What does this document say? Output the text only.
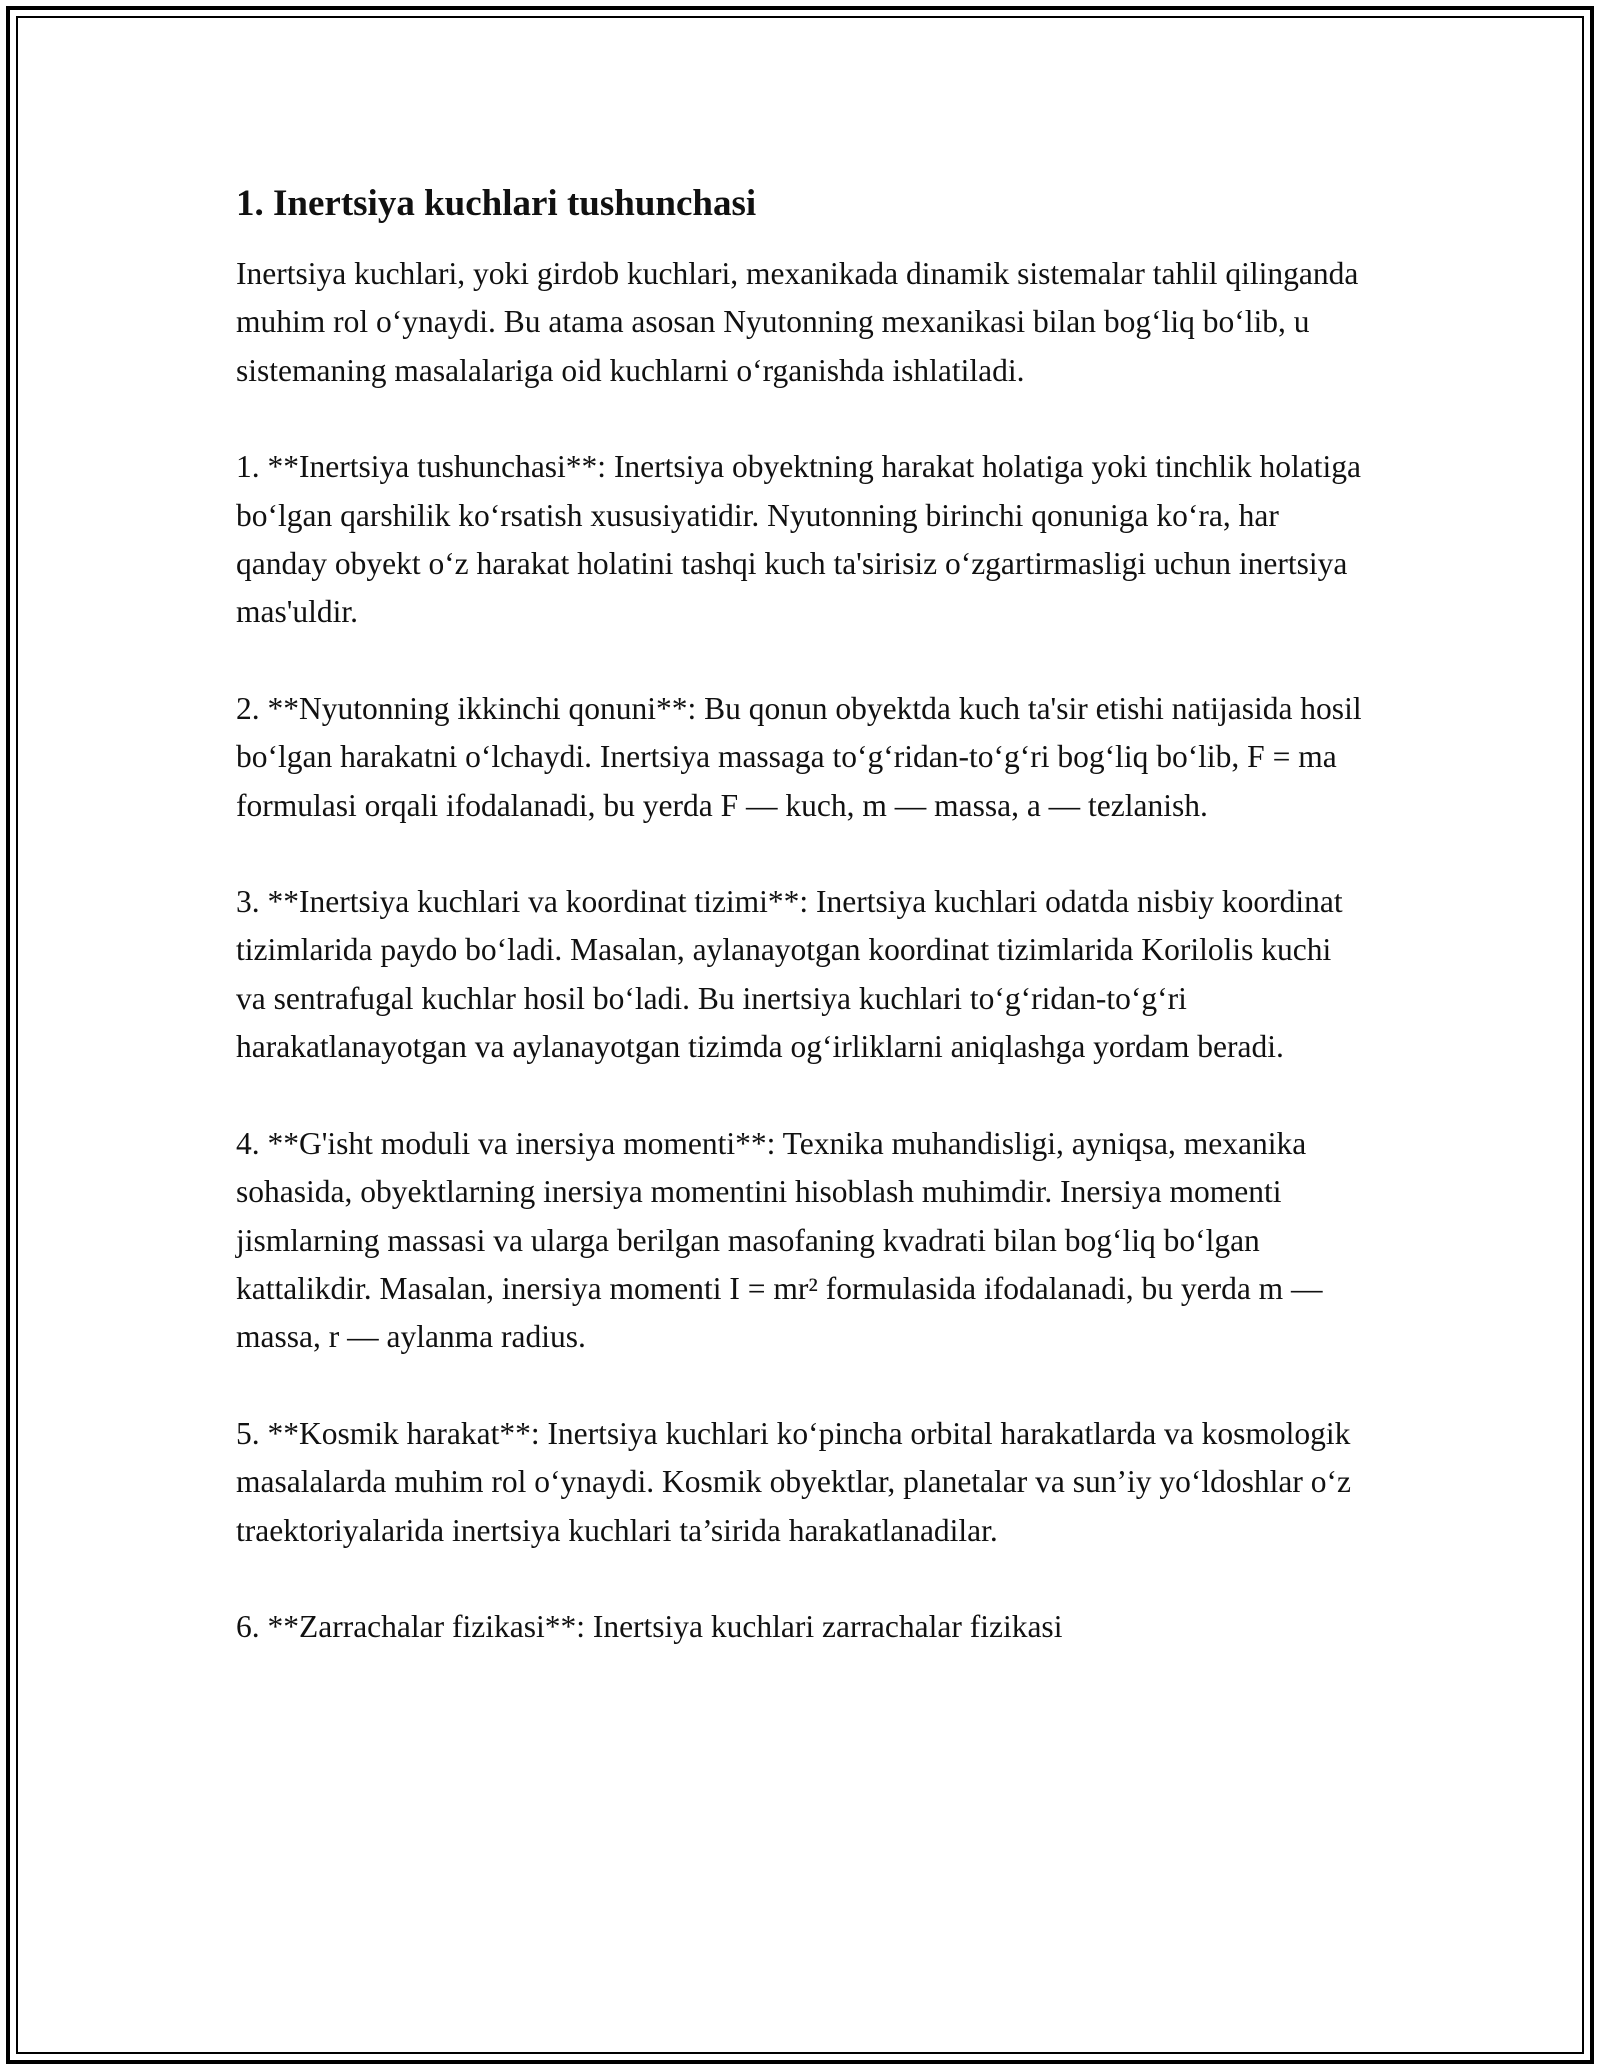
1. Inertsiya kuchlari tushunchasi

Inertsiya kuchlari, yoki girdob kuchlari, mexanikada dinamik sistemalar tahlil qilinganda muhim rol oʻynaydi. Bu atama asosan Nyutonning mexanikasi bilan bogʻliq boʻlib, u sistemaning masalalariga oid kuchlarni oʻrganishda ishlatiladi.

1. **Inertsiya tushunchasi**: Inertsiya obyektning harakat holatiga yoki tinchlik holatiga boʻlgan qarshilik koʻrsatish xususiyatidir. Nyutonning birinchi qonuniga koʻra, har qanday obyekt oʻz harakat holatini tashqi kuch ta'sirisiz oʻzgartirmasligi uchun inertsiya mas'uldir.

2. **Nyutonning ikkinchi qonuni**: Bu qonun obyektda kuch ta'sir etishi natijasida hosil boʻlgan harakatni oʻlchaydi. Inertsiya massaga toʻgʻridan-toʻgʻri bogʻliq boʻlib, F = ma formulasi orqali ifodalanadi, bu yerda F — kuch, m — massa, a — tezlanish.

3. **Inertsiya kuchlari va koordinat tizimi**: Inertsiya kuchlari odatda nisbiy koordinat tizimlarida paydo boʻladi. Masalan, aylanayotgan koordinat tizimlarida Korilolis kuchi va sentrafugal kuchlar hosil boʻladi. Bu inertsiya kuchlari toʻgʻridan-toʻgʻri harakatlanayotgan va aylanayotgan tizimda ogʻirliklarni aniqlashga yordam beradi.

4. **G'isht moduli va inersiya momenti**: Texnika muhandisligi, ayniqsa, mexanika sohasida, obyektlarning inersiya momentini hisoblash muhimdir. Inersiya momenti jismlarning massasi va ularga berilgan masofaning kvadrati bilan bogʻliq boʻlgan kattalikdir. Masalan, inersiya momenti I = mr² formulasida ifodalanadi, bu yerda m — massa, r — aylanma radius.

5. **Kosmik harakat**: Inertsiya kuchlari koʻpincha orbital harakatlarda va kosmologik masalalarda muhim rol oʻynaydi. Kosmik obyektlar, planetalar va sun’iy yoʻldoshlar oʻz traektoriyalarida inertsiya kuchlari ta’sirida harakatlanadilar.

6. **Zarrachalar fizikasi**: Inertsiya kuchlari zarrachalar fizikasi
